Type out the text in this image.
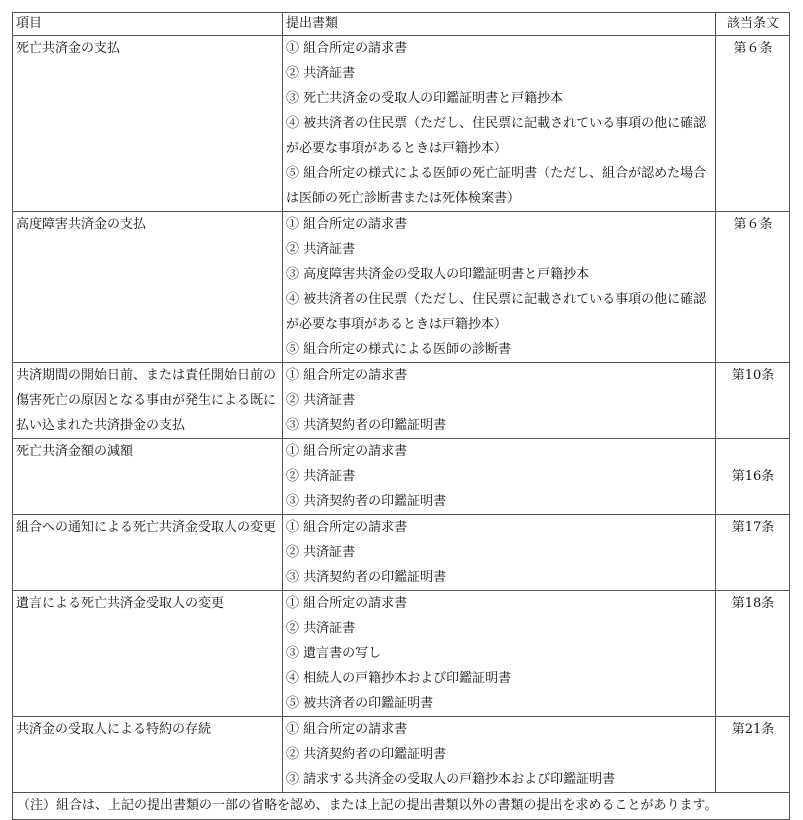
項目	提出書類	該当条文
死亡共済金の支払	① 組合所定の請求書
② 共済証書
③ 死亡共済金の受取人の印鑑証明書と戸籍抄本
④ 被共済者の住民票（ただし、住民票に記載されている事項の他に確認が必要な事項があるときは戸籍抄本）
⑤ 組合所定の様式による医師の死亡証明書（ただし、組合が認めた場合は医師の死亡診断書または死体検案書）	第６条
高度障害共済金の支払	① 組合所定の請求書
② 共済証書
③ 高度障害共済金の受取人の印鑑証明書と戸籍抄本
④ 被共済者の住民票（ただし、住民票に記載されている事項の他に確認が必要な事項があるときは戸籍抄本）
⑤ 組合所定の様式による医師の診断書	第６条
共済期間の開始日前、または責任開始日前の傷害死亡の原因となる事由が発生による既に払い込まれた共済掛金の支払	① 組合所定の請求書
② 共済証書
③ 共済契約者の印鑑証明書	第10条
死亡共済金額の減額	① 組合所定の請求書
② 共済証書
③ 共済契約者の印鑑証明書	第16条
組合への通知による死亡共済金受取人の変更	① 組合所定の請求書
② 共済証書
③ 共済契約者の印鑑証明書	第17条
遺言による死亡共済金受取人の変更	① 組合所定の請求書
② 共済証書
③ 遺言書の写し
④ 相続人の戸籍抄本および印鑑証明書
⑤ 被共済者の印鑑証明書	第18条
共済金の受取人による特約の存続	① 組合所定の請求書
② 共済契約者の印鑑証明書
③ 請求する共済金の受取人の戸籍抄本および印鑑証明書	第21条
（注）組合は、上記の提出書類の一部の省略を認め、または上記の提出書類以外の書類の提出を求めることがあります。		
